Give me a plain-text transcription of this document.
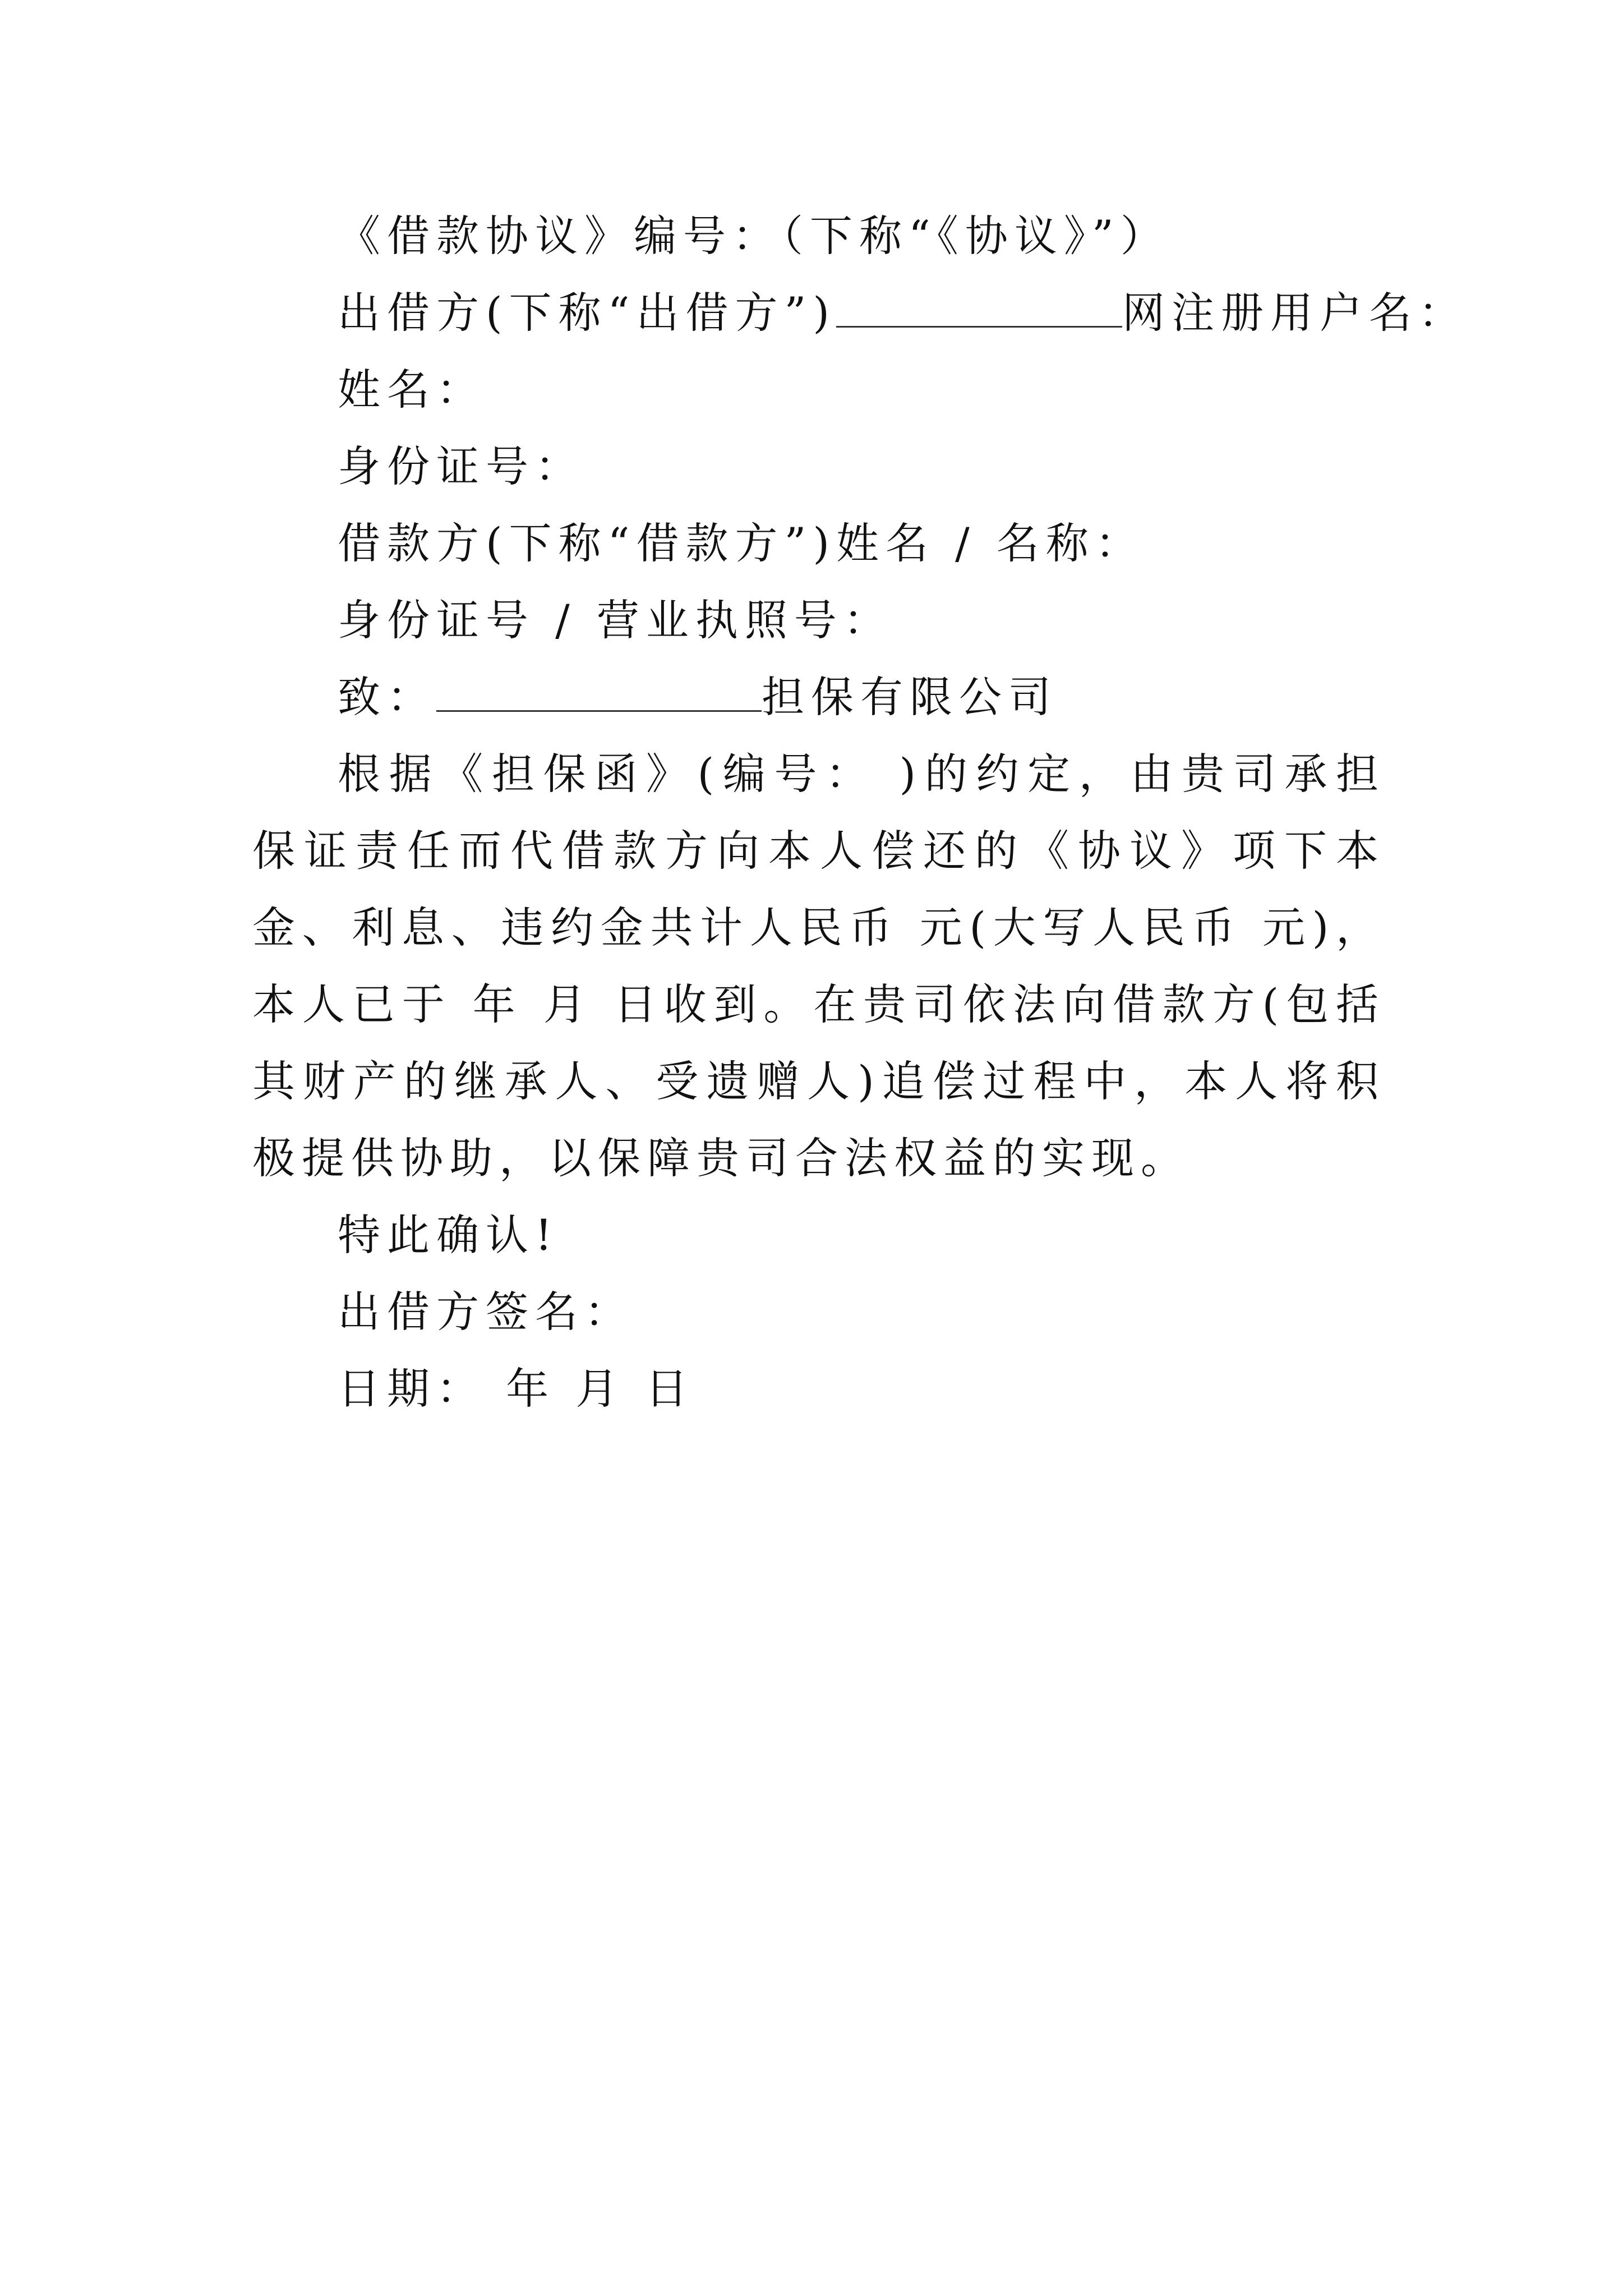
《借款协议》编号：（下称“《协议》”）
出借方(下称“出借方”)	网注册用户名：
姓名：
身份证号：
借款方(下称“借款方”)姓名 / 名称：
身份证号 / 营业执照号：
致：	担保有限公司
根据《担保函》(编号： )的约定，由贵司承担保证责任而代借款方向本人偿还的《协议》项下本金、利息、违约金共计人民币 元(大写人民币 元)，本人已于 年 月 日收到。在贵司依法向借款方(包括其财产的继承人、受遗赠人)追偿过程中，本人将积极提供协助，以保障贵司合法权益的实现。
特此确认!
出借方签名：
日期： 年 月 日
